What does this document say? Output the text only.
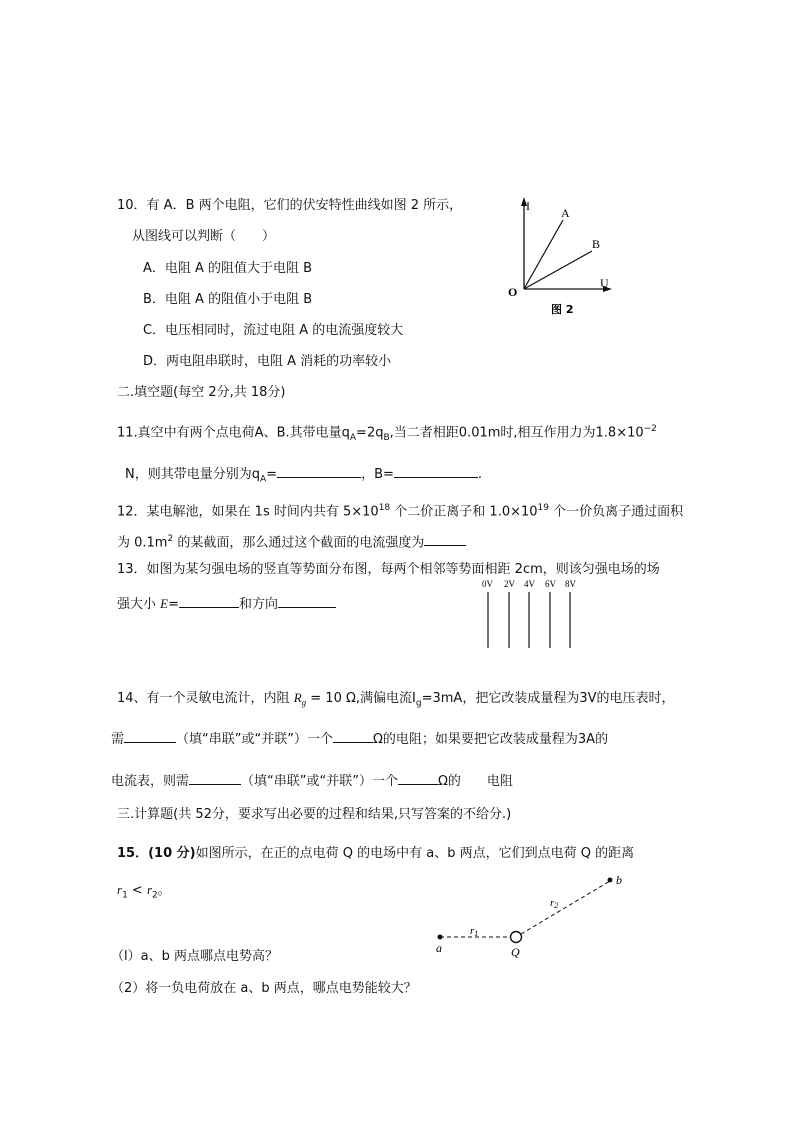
10．有 A．B 两个电阻，它们的伏安特性曲线如图 2 所示，
从图线可以判断（　　）
A．电阻 A 的阻值大于电阻 B
B．电阻 A 的阻值小于电阻 B
C．电压相同时，流过电阻 A 的电流强度较大
D．两电阻串联时，电阻 A 消耗的功率较小
I	A
B
U
O
图 2
二.填空题(每空 2分,共 18分)
11.真空中有两个点电荷A、B.其带电量$q_A=2q_B$,当二者相距0.01m时,相互作用力为$1.8\times 10^{-2}$
N，则其带电量分别为$q_A=$	，B=	.
12．某电解池，如果在 1s 时间内共有 $5\times 10^{18}$ 个二价正离子和 $1.0\times 10^{19}$ 个一价负离子通过面积
为 $0.1m^2$ 的某截面，那么通过这个截面的电流强度为
13．如图为某匀强电场的竖直等势面分布图，每两个相邻等势面相距 2cm，则该匀强电场的场
强大小 E=	和方向
0V 2V 4V 6V 8V
14、有一个灵敏电流计，内阻 $R_g = 10$ Ω,满偏电流$I_g=3mA$，把它改装成量程为3V的电压表时，
需	（填“串联”或“并联”）一个	Ω的电阻；如果要把它改装成量程为3A的
电流表，则需	（填“串联”或“并联”）一个	Ω的　　电阻
三.计算题(共 52分，要求写出必要的过程和结果,只写答案的不给分.)
15．(10 分)如图所示，在正的点电荷 Q 的电场中有 a、b 两点，它们到点电荷 Q 的距离
$r_1 < r_2$。
a	Q
b
r1
r2
（l）a、b 两点哪点电势高？
（2）将一负电荷放在 a、b 两点，哪点电势能较大？
